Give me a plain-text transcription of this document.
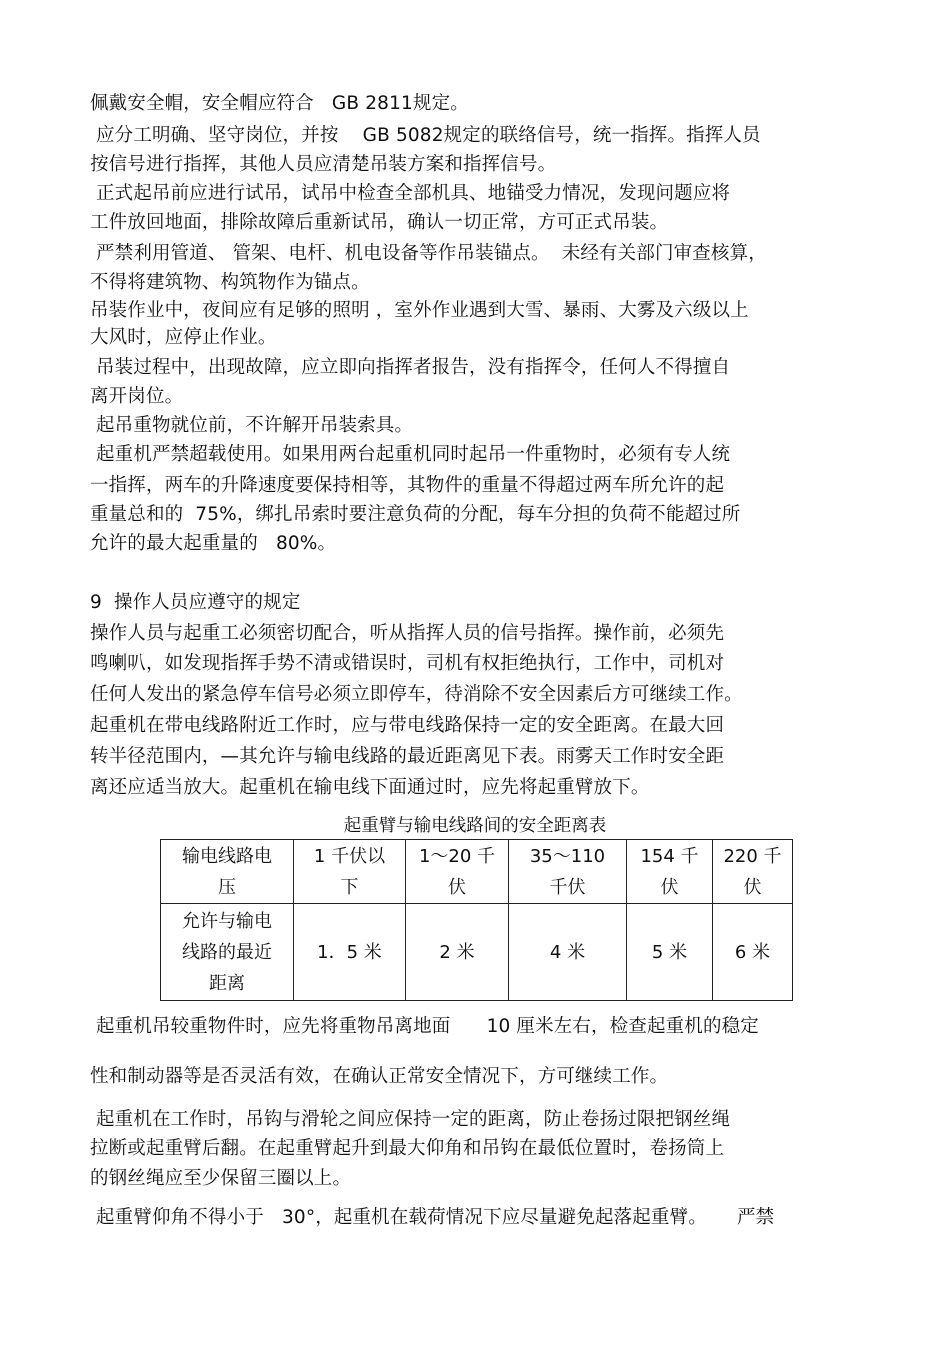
佩戴安全帽，安全帽应符合   GB 2811规定。
应分工明确、坚守岗位，并按    GB 5082规定的联络信号，统一指挥。指挥人员
按信号进行指挥，其他人员应清楚吊装方案和指挥信号。
正式起吊前应进行试吊，试吊中检查全部机具、地锚受力情况，发现问题应将
工件放回地面，排除故障后重新试吊，确认一切正常，方可正式吊装。
严禁利用管道、 管架、电杆、机电设备等作吊装锚点。  未经有关部门审查核算，
不得将建筑物、构筑物作为锚点。
吊装作业中，夜间应有足够的照明 ，室外作业遇到大雪、暴雨、大雾及六级以上
大风时，应停止作业。
吊装过程中，出现故障，应立即向指挥者报告，没有指挥令，任何人不得擅自
离开岗位。
起吊重物就位前，不许解开吊装索具。
起重机严禁超载使用。如果用两台起重机同时起吊一件重物时，必须有专人统
一指挥，两车的升降速度要保持相等，其物件的重量不得超过两车所允许的起
重量总和的  75%，绑扎吊索时要注意负荷的分配，每车分担的负荷不能超过所
允许的最大起重量的   80%。
9  操作人员应遵守的规定
操作人员与起重工必须密切配合，听从指挥人员的信号指挥。操作前，必须先
鸣喇叭，如发现指挥手势不清或错误时，司机有权拒绝执行，工作中，司机对
任何人发出的紧急停车信号必须立即停车，待消除不安全因素后方可继续工作。
起重机在带电线路附近工作时，应与带电线路保持一定的安全距离。在最大回
转半径范围内，—其允许与输电线路的最近距离见下表。雨雾天工作时安全距
离还应适当放大。起重机在输电线下面通过时，应先将起重臂放下。
起重臂与输电线路间的安全距离表
输电线路电
压	1 千伏以
下	1～20 千
伏	35～110
千伏	154 千
伏	220 千
伏
允许与输电
线路的最近
距离	1．5 米	2 米	4 米	5 米	6 米
起重机吊较重物件时，应先将重物吊离地面      10 厘米左右，检查起重机的稳定
性和制动器等是否灵活有效，在确认正常安全情况下，方可继续工作。
起重机在工作时，吊钩与滑轮之间应保持一定的距离，防止卷扬过限把钢丝绳
拉断或起重臂后翻。在起重臂起升到最大仰角和吊钩在最低位置时，卷扬筒上
的钢丝绳应至少保留三圈以上。
起重臂仰角不得小于   30°，起重机在载荷情况下应尽量避免起落起重臂。     严禁
